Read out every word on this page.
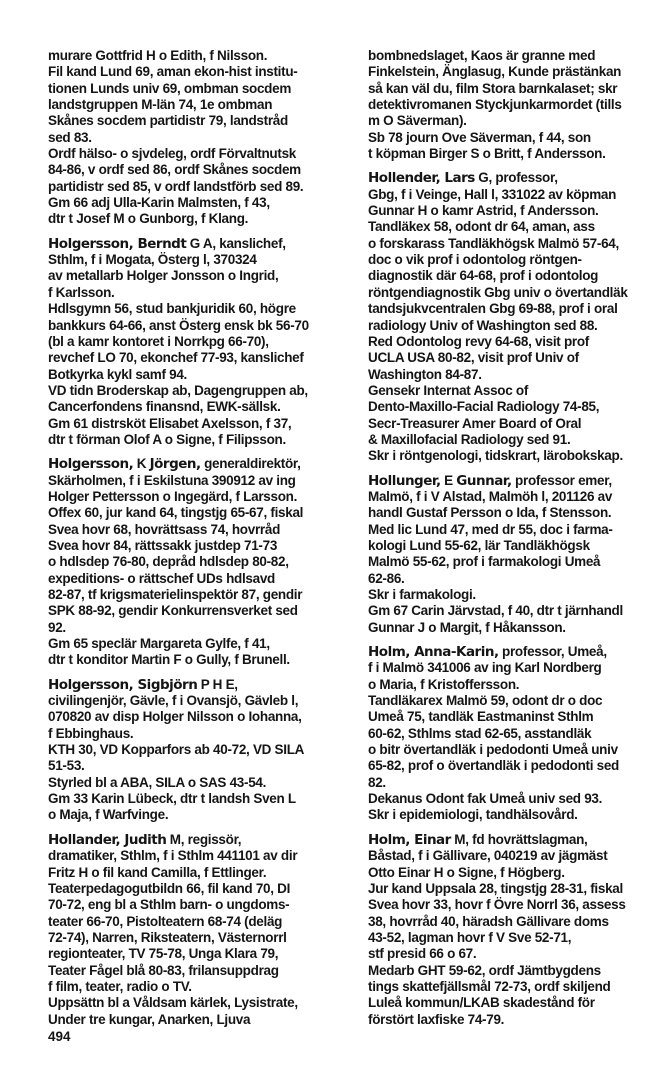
murare Gottfrid H o Edith, f Nilsson.
Fil kand Lund 69, aman ekon-hist institu-
tionen Lunds univ 69, ombman socdem
landstgruppen M-län 74, 1e ombman
Skånes socdem partidistr 79, landstråd
sed 83.
Ordf hälso- o sjvdeleg, ordf Förvaltnutsk
84-86, v ordf sed 86, ordf Skånes socdem
partidistr sed 85, v ordf landstförb sed 89.
Gm 66 adj Ulla-Karin Malmsten, f 43,
dtr t Josef M o Gunborg, f Klang.
Holgersson, Berndt G A, kanslichef,
Sthlm, f i Mogata, Österg l, 370324
av metallarb Holger Jonsson o Ingrid,
f Karlsson.
Hdlsgymn 56, stud bankjuridik 60, högre
bankkurs 64-66, anst Österg ensk bk 56-70
(bl a kamr kontoret i Norrkpg 66-70),
revchef LO 70, ekonchef 77-93, kanslichef
Botkyrka kykl samf 94.
VD tidn Broderskap ab, Dagengruppen ab,
Cancerfondens finansnd, EWK-sällsk.
Gm 61 distrsköt Elisabet Axelsson, f 37,
dtr t förman Olof A o Signe, f Filipsson.
Holgersson, K Jörgen, generaldirektör,
Skärholmen, f i Eskilstuna 390912 av ing
Holger Pettersson o Ingegärd, f Larsson.
Offex 60, jur kand 64, tingstjg 65-67, fiskal
Svea hovr 68, hovrättsass 74, hovrråd
Svea hovr 84, rättssakk justdep 71-73
o hdlsdep 76-80, depråd hdlsdep 80-82,
expeditions- o rättschef UDs hdlsavd
82-87, tf krigsmaterielinspektör 87, gendir
SPK 88-92, gendir Konkurrensverket sed
92.
Gm 65 speclär Margareta Gylfe, f 41,
dtr t konditor Martin F o Gully, f Brunell.
Holgersson, Sigbjörn P H E,
civilingenjör, Gävle, f i Ovansjö, Gävleb l,
070820 av disp Holger Nilsson o Iohanna,
f Ebbinghaus.
KTH 30, VD Kopparfors ab 40-72, VD SILA
51-53.
Styrled bl a ABA, SILA o SAS 43-54.
Gm 33 Karin Lübeck, dtr t landsh Sven L
o Maja, f Warfvinge.
Hollander, Judith M, regissör,
dramatiker, Sthlm, f i Sthlm 441101 av dir
Fritz H o fil kand Camilla, f Ettlinger.
Teaterpedagogutbildn 66, fil kand 70, DI
70-72, eng bl a Sthlm barn- o ungdoms-
teater 66-70, Pistolteatern 68-74 (deläg
72-74), Narren, Riksteatern, Västernorrl
regionteater, TV 75-78, Unga Klara 79,
Teater Fågel blå 80-83, frilansuppdrag
f film, teater, radio o TV.
Uppsättn bl a Våldsam kärlek, Lysistrate,
Under tre kungar, Anarken, Ljuva
bombnedslaget, Kaos är granne med
Finkelstein, Änglasug, Kunde prästänkan
så kan väl du, film Stora barnkalaset; skr
detektivromanen Styckjunkarmordet (tills
m O Säverman).
Sb 78 journ Ove Säverman, f 44, son
t köpman Birger S o Britt, f Andersson.
Hollender, Lars G, professor,
Gbg, f i Veinge, Hall l, 331022 av köpman
Gunnar H o kamr Astrid, f Andersson.
Tandläkex 58, odont dr 64, aman, ass
o forskarass Tandläkhögsk Malmö 57-64,
doc o vik prof i odontolog röntgen-
diagnostik där 64-68, prof i odontolog
röntgendiagnostik Gbg univ o övertandläk
tandsjukvcentralen Gbg 69-88, prof i oral
radiology Univ of Washington sed 88.
Red Odontolog revy 64-68, visit prof
UCLA USA 80-82, visit prof Univ of
Washington 84-87.
Gensekr Internat Assoc of
Dento-Maxillo-Facial Radiology 74-85,
Secr-Treasurer Amer Board of Oral
& Maxillofacial Radiology sed 91.
Skr i röntgenologi, tidskrart, lärobokskap.
Hollunger, E Gunnar, professor emer,
Malmö, f i V Alstad, Malmöh l, 201126 av
handl Gustaf Persson o Ida, f Stensson.
Med lic Lund 47, med dr 55, doc i farma-
kologi Lund 55-62, lär Tandläkhögsk
Malmö 55-62, prof i farmakologi Umeå
62-86.
Skr i farmakologi.
Gm 67 Carin Järvstad, f 40, dtr t järnhandl
Gunnar J o Margit, f Håkansson.
Holm, Anna-Karin, professor, Umeå,
f i Malmö 341006 av ing Karl Nordberg
o Maria, f Kristoffersson.
Tandläkarex Malmö 59, odont dr o doc
Umeå 75, tandläk Eastmaninst Sthlm
60-62, Sthlms stad 62-65, asstandläk
o bitr övertandläk i pedodonti Umeå univ
65-82, prof o övertandläk i pedodonti sed
82.
Dekanus Odont fak Umeå univ sed 93.
Skr i epidemiologi, tandhälsovård.
Holm, Einar M, fd hovrättslagman,
Båstad, f i Gällivare, 040219 av jägmäst
Otto Einar H o Signe, f Högberg.
Jur kand Uppsala 28, tingstjg 28-31, fiskal
Svea hovr 33, hovr f Övre Norrl 36, assess
38, hovrråd 40, häradsh Gällivare doms
43-52, lagman hovr f V Sve 52-71,
stf presid 66 o 67.
Medarb GHT 59-62, ordf Jämtbygdens
tings skattefjällsmål 72-73, ordf skiljend
Luleå kommun/LKAB skadestånd för
förstört laxfiske 74-79.
494
